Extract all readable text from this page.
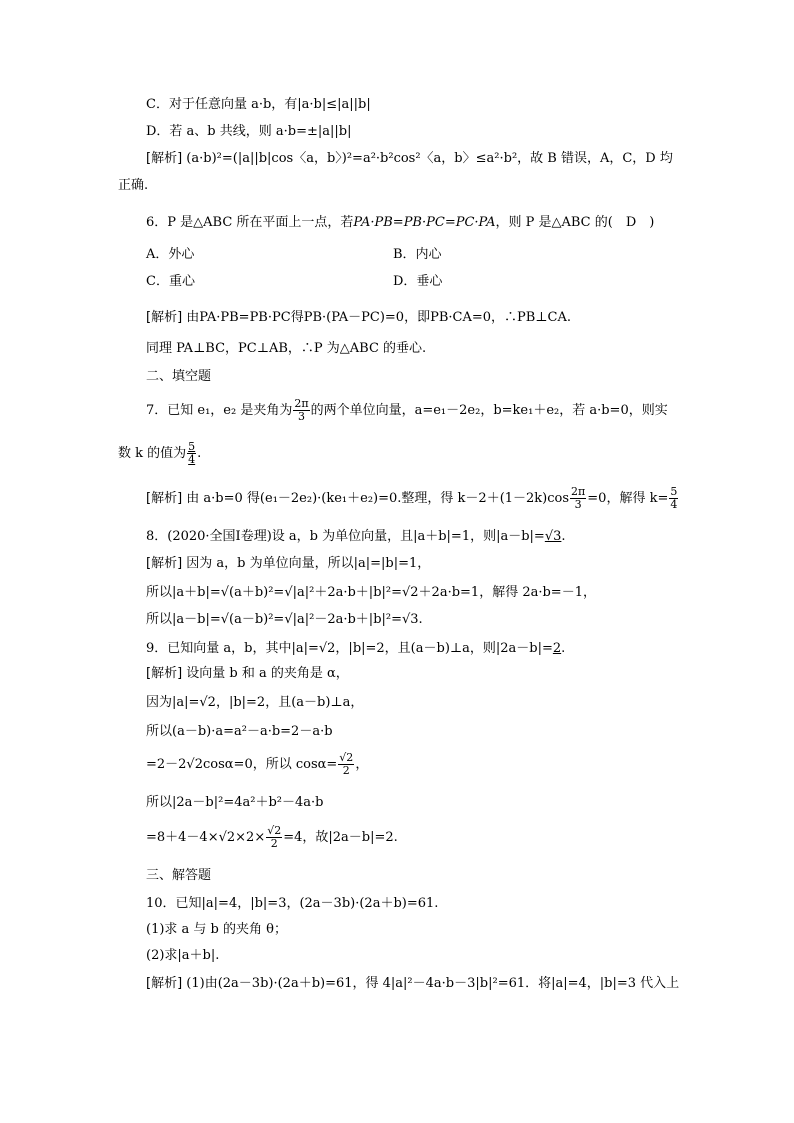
C．对于任意向量 a·b，有|a·b|≤|a||b|
D．若 a、b 共线，则 a·b=±|a||b|
[解析] (a·b)²=(|a||b|cos〈a，b〉)²=a²·b²cos²〈a，b〉≤a²·b²，故 B 错误，A，C，D 均
正确.
6．P 是△ABC 所在平面上一点，若PA·PB=PB·PC=PC·PA，则 P 是△ABC 的(　D　)
A．外心	B．内心
C．重心	D．垂心
[解析] 由PA·PB=PB·PC得PB·(PA－PC)=0，即PB·CA=0，∴PB⊥CA.
同理 PA⊥BC，PC⊥AB，∴P 为△ABC 的垂心.
二、填空题
7．已知 e₁，e₂ 是夹角为 $\frac{2\pi}{3}$ 的两个单位向量，a=e₁－2e₂，b=ke₁＋e₂，若 a·b=0，则实
数 k 的值为 $\frac{5}{4}$ .
[解析] 由 a·b=0 得(e₁－2e₂)·(ke₁＋e₂)=0.整理，得 $k-2+(1-2k)\cos \frac{2\pi}{3} =0$，解得 $k= \frac{5}{4}$
8．(2020·全国Ⅰ卷理)设 a，b 为单位向量，且|a＋b|=1，则|a－b|=√3.
[解析] 因为 a，b 为单位向量，所以|a|=|b|=1，
所以|a＋b|=√(a＋b)²=√|a|²＋2a·b＋|b|²=√2＋2a·b=1，解得 2a·b=－1，
所以|a－b|=√(a－b)²=√|a|²－2a·b＋|b|²=√3.
9．已知向量 a，b，其中|a|=√2，|b|=2，且(a－b)⊥a，则|2a－b|=2.
[解析] 设向量 b 和 a 的夹角是 α，
因为|a|=√2，|b|=2，且(a－b)⊥a，
所以(a－b)·a=a²－a·b=2－a·b
=2－2√2cosα=0，所以 $\cos\alpha= \frac{√2}{2}$ ，
所以|2a－b|²=4a²＋b²－4a·b
$=8+4-4\times√2\times 2\times \frac{√2}{2} =4$，故|2a－b|=2.
三、解答题
10．已知|a|=4，|b|=3，(2a－3b)·(2a＋b)=61.
(1)求 a 与 b 的夹角 θ；
(2)求|a＋b|.
[解析] (1)由(2a－3b)·(2a＋b)=61，得 4|a|²－4a·b－3|b|²=61．将|a|=4，|b|=3 代入上
